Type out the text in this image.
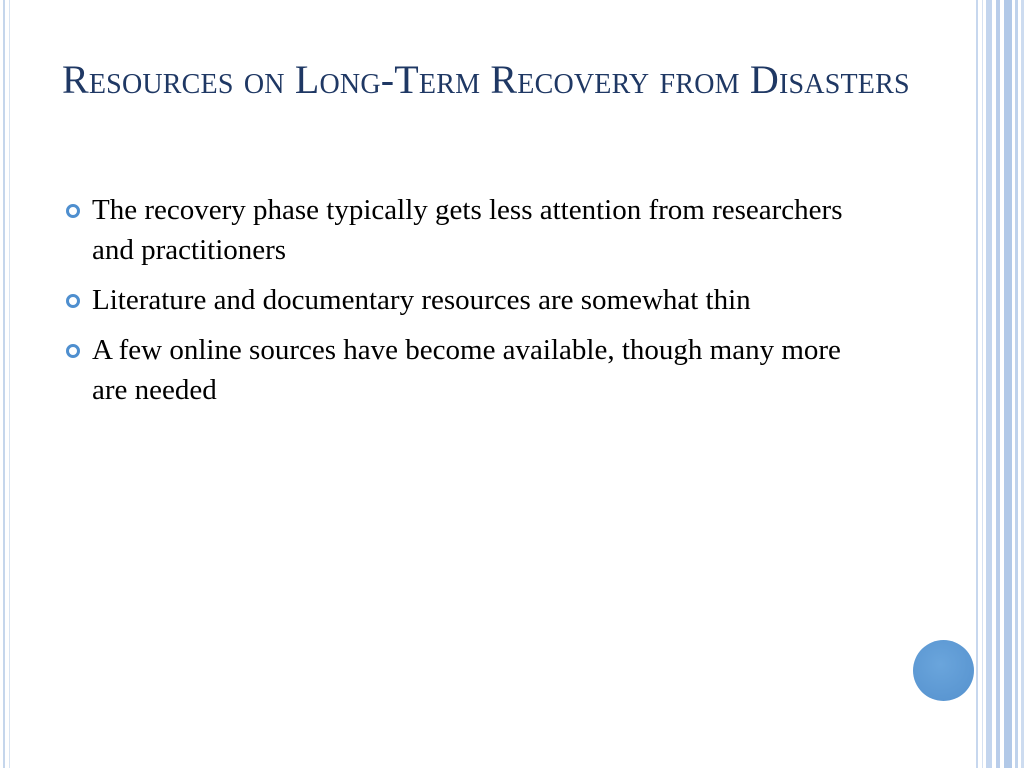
Resources on Long-Term Recovery from Disasters
The recovery phase typically gets less attention from researchers and practitioners
Literature and documentary resources are somewhat thin
A few online sources have become available, though many more are needed
